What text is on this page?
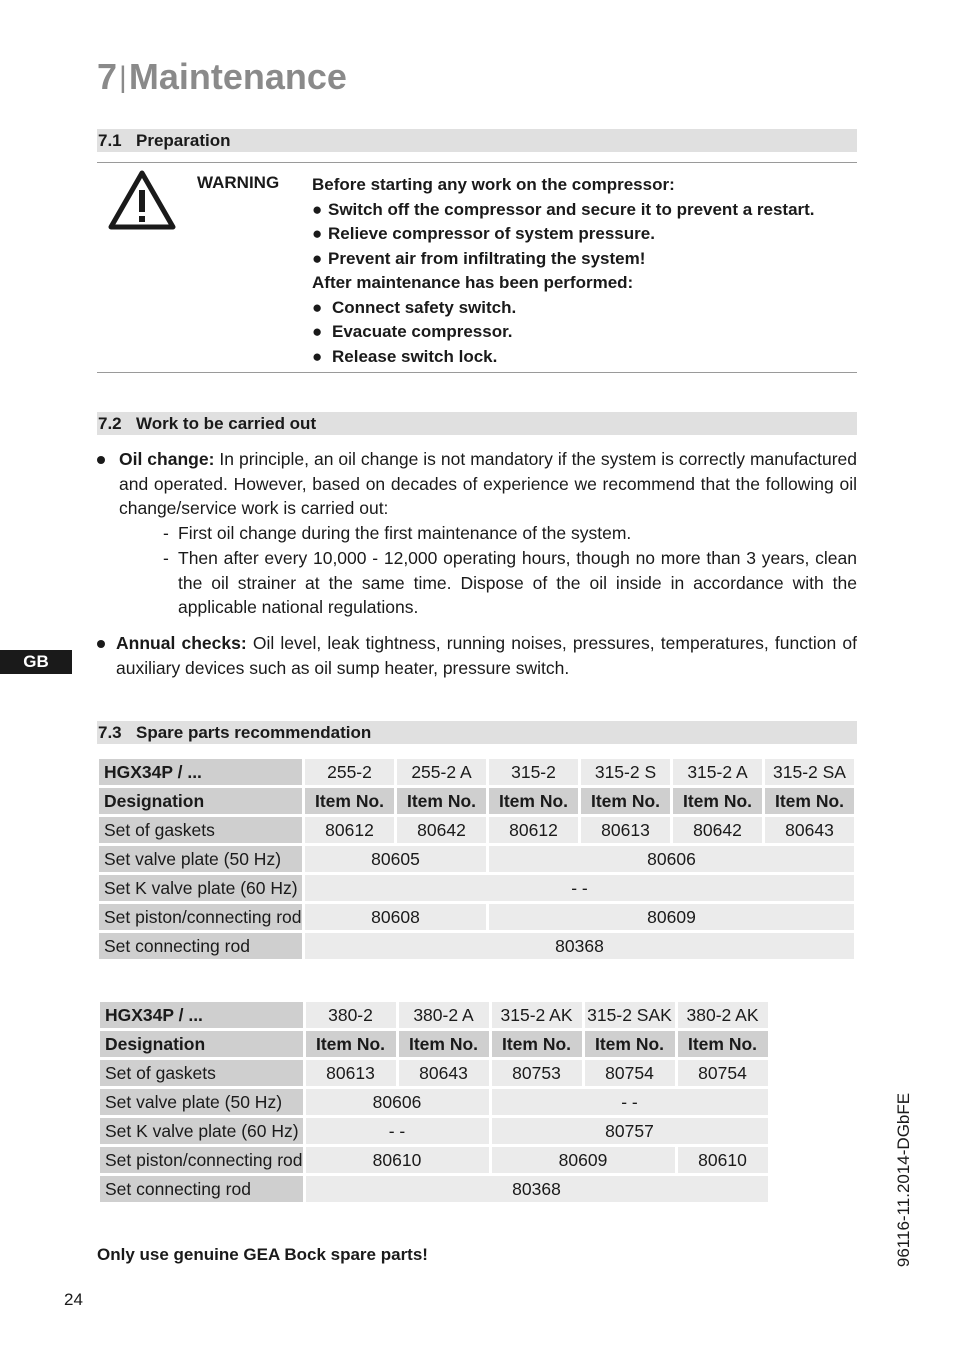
7|Maintenance
7.1 Preparation
WARNING Before starting any work on the compressor:
● Switch off the compressor and secure it to prevent a restart.
● Relieve compressor of system pressure.
● Prevent air from infiltrating the system!
After maintenance has been performed:
● Connect safety switch.
● Evacuate compressor.
● Release switch lock.
7.2 Work to be carried out
Oil change: In principle, an oil change is not mandatory if the system is correctly manufactured and operated. However, based on decades of experience we recommend that the following oil change/service work is carried out:
- First oil change during the first maintenance of the system.
- Then after every 10,000 - 12,000 operating hours, though no more than 3 years, clean the oil strainer at the same time. Dispose of the oil inside in accordance with the applicable national regulations.
Annual checks: Oil level, leak tightness, running noises, pressures, temperatures, function of auxiliary devices such as oil sump heater, pressure switch.
GB
7.3 Spare parts recommendation
HGX34P / ...	255-2	255-2 A	315-2	315-2 S	315-2 A	315-2 SA
Designation	Item No.	Item No.	Item No.	Item No.	Item No.	Item No.
Set of gaskets	80612	80642	80612	80613	80642	80643
Set valve plate (50 Hz)	80605		80606			
Set K valve plate (60 Hz)	- -					
Set piston/connecting rod	80608		80609			
Set connecting rod	80368					
HGX34P / ...	380-2	380-2 A	315-2 AK	315-2 SAK	380-2 AK
Designation	Item No.	Item No.	Item No.	Item No.	Item No.
Set of gaskets	80613	80643	80753	80754	80754
Set valve plate (50 Hz)	80606		- -		
Set K valve plate (60 Hz)	- -		80757		
Set piston/connecting rod	80610		80609		80610
Set connecting rod	80368				
Only use genuine GEA Bock spare parts!
24
96116-11.2014-DGbFE
